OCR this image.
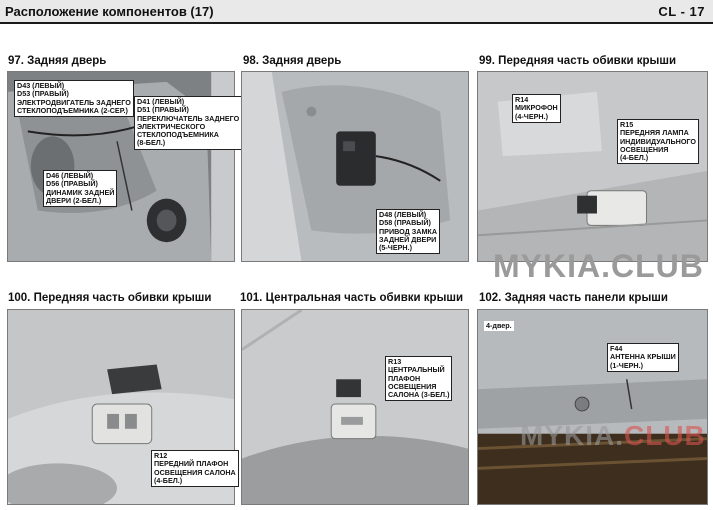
Расположение компонентов (17)	CL - 17
97. Задняя дверь	98. Задняя дверь	99. Передняя часть обивки крыши
100. Передняя часть обивки крыши 101. Центральная часть обивки крыши 102. Задняя часть панели крыши
D43 (ЛЕВЫЙ)
D53 (ПРАВЫЙ)
ЭЛЕКТРОДВИГАТЕЛЬ ЗАДНЕГО
СТЕКЛОПОДЪЕМНИКА (2-СЕР.)
D41 (ЛЕВЫЙ)
D51 (ПРАВЫЙ)
ПЕРЕКЛЮЧАТЕЛЬ ЗАДНЕГО
ЭЛЕКТРИЧЕСКОГО
СТЕКЛОПОДЪЕМНИКА
(8-БЕЛ.)
D46 (ЛЕВЫЙ)
D56 (ПРАВЫЙ)
ДИНАМИК ЗАДНЕЙ
ДВЕРИ (2-БЕЛ.)
D48 (ЛЕВЫЙ)
D58 (ПРАВЫЙ)
ПРИВОД ЗАМКА
ЗАДНЕЙ ДВЕРИ
(5-ЧЕРН.)
R14
МИКРОФОН
(4-ЧЕРН.)
R15
ПЕРЕДНЯЯ ЛАМПА
ИНДИВИДУАЛЬНОГО
ОСВЕЩЕНИЯ
(4-БЕЛ.)
R12
ПЕРЕДНИЙ ПЛАФОН
ОСВЕЩЕНИЯ САЛОНА
(4-БЕЛ.)
R13
ЦЕНТРАЛЬНЫЙ
ПЛАФОН
ОСВЕЩЕНИЯ
САЛОНА (3-БЕЛ.)
4-двер.
F44
АНТЕННА КРЫШИ
(1-ЧЕРН.)
MYKIA.CLUB
MYKIA.CLUB
